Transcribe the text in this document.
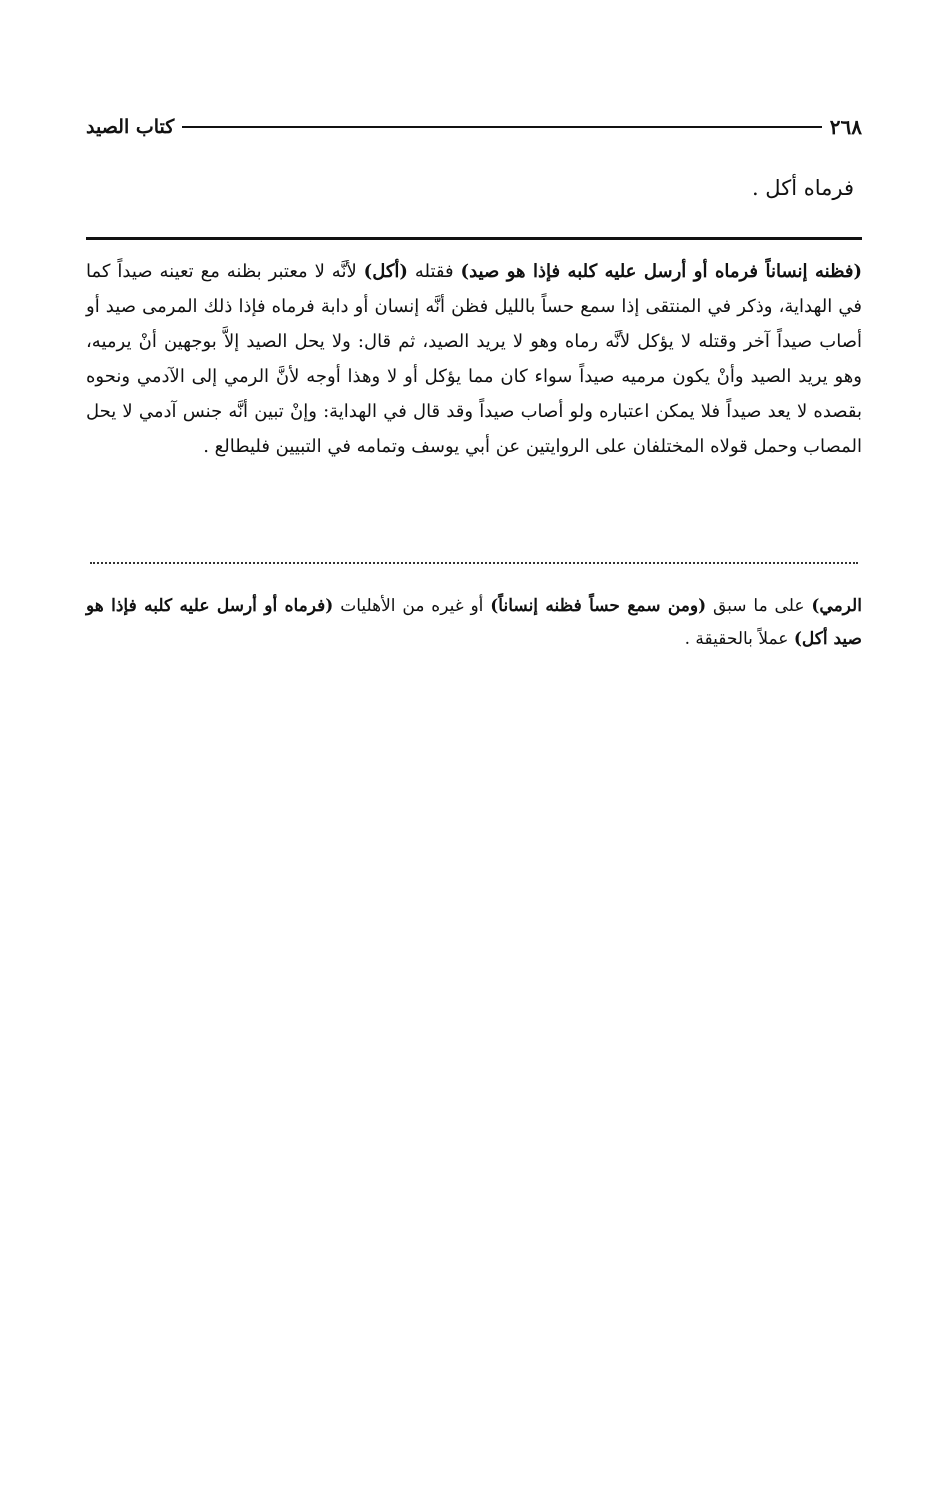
٢٦٨
كتاب الصيد

فرماه أكل .

(فظنه إنساناً فرماه أو أرسل عليه كلبه فإذا هو صيد) فقتله (أكل) لأنَّه لا معتبر بظنه مع تعينه صيداً كما في الهداية، وذكر في المنتقى إذا سمع حساً بالليل فظن أنَّه إنسان أو دابة فرماه فإذا ذلك المرمى صيد أو أصاب صيداً آخر وقتله لا يؤكل لأنَّه رماه وهو لا يريد الصيد، ثم قال: ولا يحل الصيد إلاَّ بوجهين أنْ يرميه، وهو يريد الصيد وأنْ يكون مرميه صيداً سواء كان مما يؤكل أو لا وهذا أوجه لأنَّ الرمي إلى الآدمي ونحوه بقصده لا يعد صيداً فلا يمكن اعتباره ولو أصاب صيداً وقد قال في الهداية: وإنْ تبين أنَّه جنس آدمي لا يحل المصاب وحمل قولاه المختلفان على الروايتين عن أبي يوسف وتمامه في التبيين فليطالع .

الرمي) على ما سبق (ومن سمع حساً فظنه إنساناً) أو غيره من الأهليات (فرماه أو أرسل عليه كلبه فإذا هو صيد أكل) عملاً بالحقيقة .
